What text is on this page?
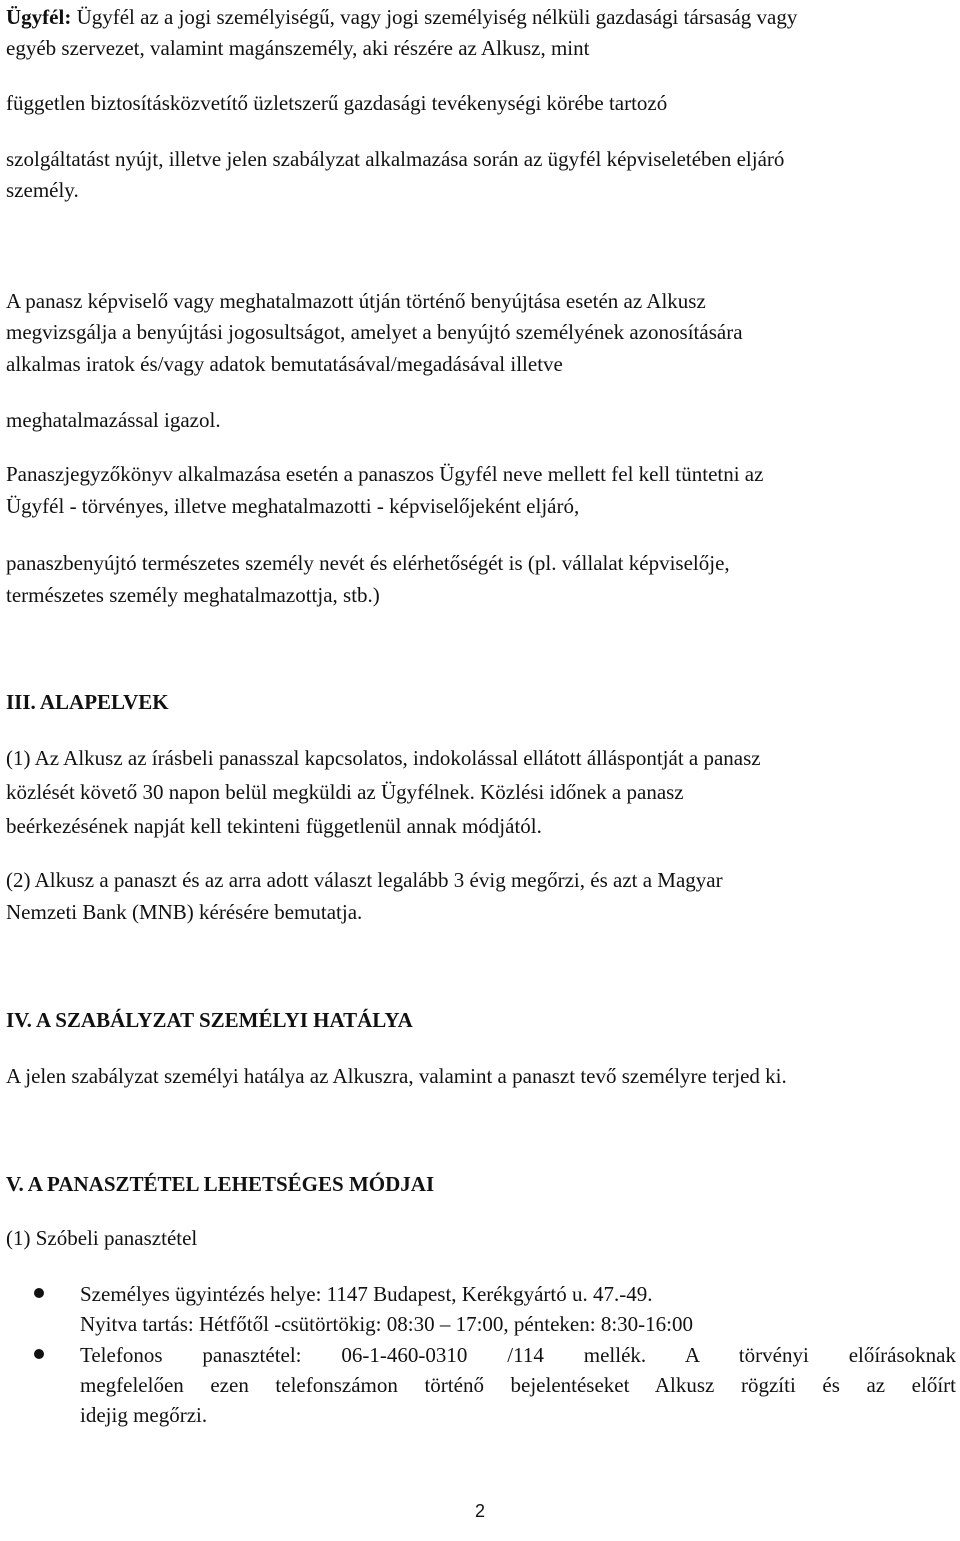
Ügyfél: Ügyfél az a jogi személyiségű, vagy jogi személyiség nélküli gazdasági társaság vagy
egyéb szervezet, valamint magánszemély, aki részére az Alkusz, mint
független biztosításközvetítő üzletszerű gazdasági tevékenységi körébe tartozó
szolgáltatást nyújt, illetve jelen szabályzat alkalmazása során az ügyfél képviseletében eljáró
személy.
A panasz képviselő vagy meghatalmazott útján történő benyújtása esetén az Alkusz
megvizsgálja a benyújtási jogosultságot, amelyet a benyújtó személyének azonosítására
alkalmas iratok és/vagy adatok bemutatásával/megadásával illetve
meghatalmazással igazol.
Panaszjegyzőkönyv alkalmazása esetén a panaszos Ügyfél neve mellett fel kell tüntetni az
Ügyfél - törvényes, illetve meghatalmazotti - képviselőjeként eljáró,
panaszbenyújtó természetes személy nevét és elérhetőségét is (pl. vállalat képviselője,
természetes személy meghatalmazottja, stb.)
III. ALAPELVEK
(1) Az Alkusz az írásbeli panasszal kapcsolatos, indokolással ellátott álláspontját a panasz
közlését követő 30 napon belül megküldi az Ügyfélnek. Közlési időnek a panasz
beérkezésének napját kell tekinteni függetlenül annak módjától.
(2) Alkusz a panaszt és az arra adott választ legalább 3 évig megőrzi, és azt a Magyar
Nemzeti Bank (MNB) kérésére bemutatja.
IV. A SZABÁLYZAT SZEMÉLYI HATÁLYA
A jelen szabályzat személyi hatálya az Alkuszra, valamint a panaszt tevő személyre terjed ki.
V. A PANASZTÉTEL LEHETSÉGES MÓDJAI
(1) Szóbeli panasztétel
Személyes ügyintézés helye: 1147 Budapest, Kerékgyártó u. 47.-49.
Nyitva tartás: Hétfőtől -csütörtökig: 08:30 – 17:00, pénteken: 8:30-16:00
Telefonos panasztétel: 06-1-460-0310 /114 mellék. A törvényi előírásoknak
megfelelően ezen telefonszámon történő bejelentéseket Alkusz rögzíti és az előírt
idejig megőrzi.
2
